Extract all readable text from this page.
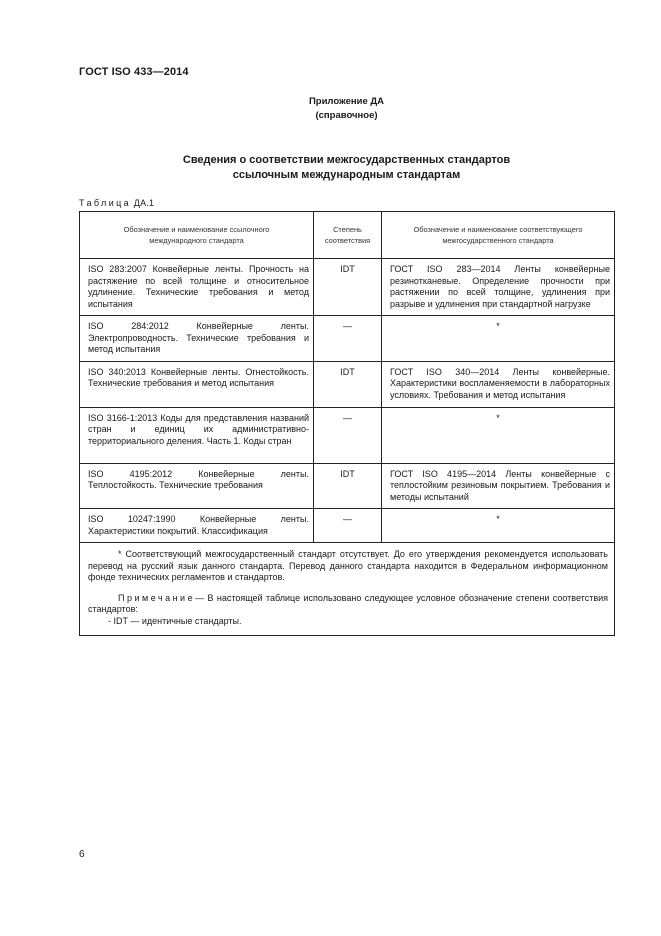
ГОСТ ISO 433—2014
Приложение ДА
(справочное)
Сведения о соответствии межгосударственных стандартов
ссылочным международным стандартам
Таблица ДА.1
Обозначение и наименование ссылочного международного стандарта	Степень соответствия	Обозначение и наименование соответствующего межгосударственного стандарта
ISO 283:2007 Конвейерные ленты. Прочность на растяжение по всей толщине и относительное удлинение. Технические требования и метод испытания	IDT	ГОСТ ISO 283—2014 Ленты конвейерные резинотканевые. Определение прочности при растяжении по всей толщине, удлинения при разрыве и удлинения при стандартной нагрузке
ISO 284:2012 Конвейерные ленты. Электропроводность. Технические требования и метод испытания	—	*
ISO 340:2013 Конвейерные ленты. Огнестойкость. Технические требования и метод испытания	IDT	ГОСТ ISO 340—2014 Ленты конвейерные. Характеристики воспламеняемости в лабораторных условиях. Требования и метод испытания
ISO 3166-1:2013 Коды для представления названий стран и единиц их административно-территориального деления. Часть 1. Коды стран	—	*
ISO 4195:2012 Конвейерные ленты. Теплостойкость. Технические требования	IDT	ГОСТ ISO 4195—2014 Ленты конвейерные с теплостойким резиновым покрытием. Требования и методы испытаний
ISO 10247:1990 Конвейерные ленты. Характеристики покрытий. Классификация	—	*

* Соответствующий межгосударственный стандарт отсутствует. До его утверждения рекомендуется использовать перевод на русский язык данного стандарта. Перевод данного стандарта находится в Федеральном информационном фонде технических регламентов и стандартов.

Примечание— В настоящей таблице использовано следующее условное обозначение степени соответствия стандартов:

- IDT — идентичные стандарты.		

6
